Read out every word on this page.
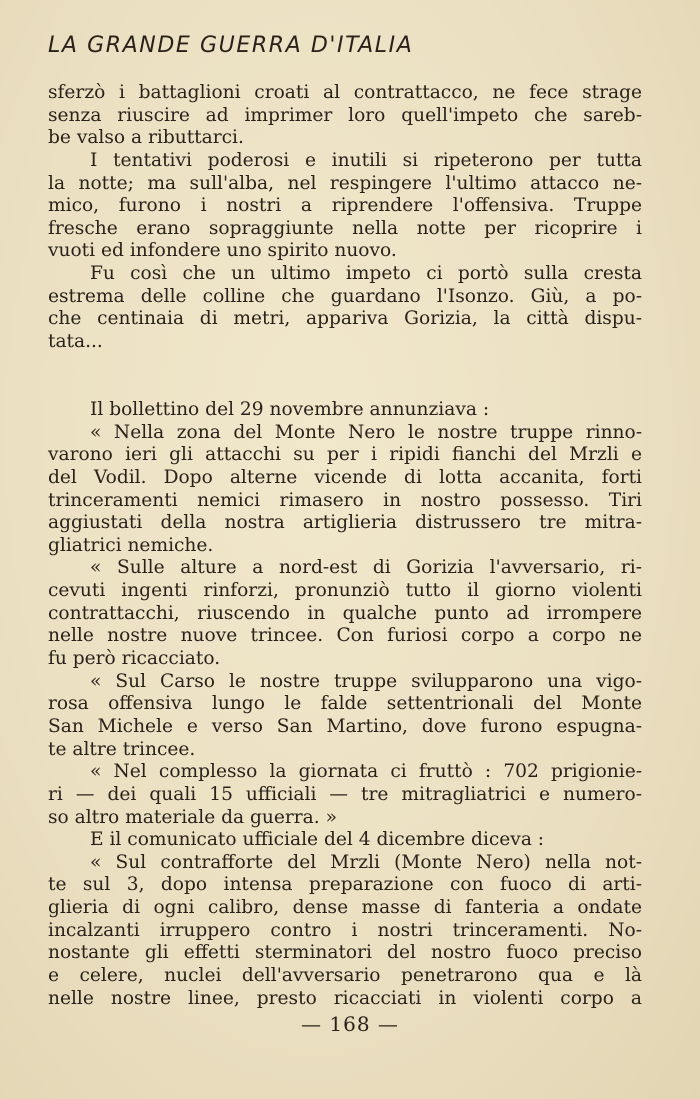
LA GRANDE GUERRA D'ITALIA
sferzò i battaglioni croati al contrattacco, ne fece strage
senza riuscire ad imprimer loro quell'impeto che sareb-
be valso a ributtarci.
I tentativi poderosi e inutili si ripeterono per tutta
la notte; ma sull'alba, nel respingere l'ultimo attacco ne-
mico, furono i nostri a riprendere l'offensiva. Truppe
fresche erano sopraggiunte nella notte per ricoprire i
vuoti ed infondere uno spirito nuovo.
Fu così che un ultimo impeto ci portò sulla cresta
estrema delle colline che guardano l'Isonzo. Giù, a po-
che centinaia di metri, appariva Gorizia, la città dispu-
tata...
Il bollettino del 29 novembre annunziava :
« Nella zona del Monte Nero le nostre truppe rinno-
varono ieri gli attacchi su per i ripidi fianchi del Mrzli e
del Vodil. Dopo alterne vicende di lotta accanita, forti
trinceramenti nemici rimasero in nostro possesso. Tiri
aggiustati della nostra artiglieria distrussero tre mitra-
gliatrici nemiche.
« Sulle alture a nord-est di Gorizia l'avversario, ri-
cevuti ingenti rinforzi, pronunziò tutto il giorno violenti
contrattacchi, riuscendo in qualche punto ad irrompere
nelle nostre nuove trincee. Con furiosi corpo a corpo ne
fu però ricacciato.
« Sul Carso le nostre truppe svilupparono una vigo-
rosa offensiva lungo le falde settentrionali del Monte
San Michele e verso San Martino, dove furono espugna-
te altre trincee.
« Nel complesso la giornata ci fruttò : 702 prigionie-
ri — dei quali 15 ufficiali — tre mitragliatrici e numero-
so altro materiale da guerra. »
E il comunicato ufficiale del 4 dicembre diceva :
« Sul contrafforte del Mrzli (Monte Nero) nella not-
te sul 3, dopo intensa preparazione con fuoco di arti-
glieria di ogni calibro, dense masse di fanteria a ondate
incalzanti irruppero contro i nostri trinceramenti. No-
nostante gli effetti sterminatori del nostro fuoco preciso
e celere, nuclei dell'avversario penetrarono qua e là
nelle nostre linee, presto ricacciati in violenti corpo a
— 168 —
